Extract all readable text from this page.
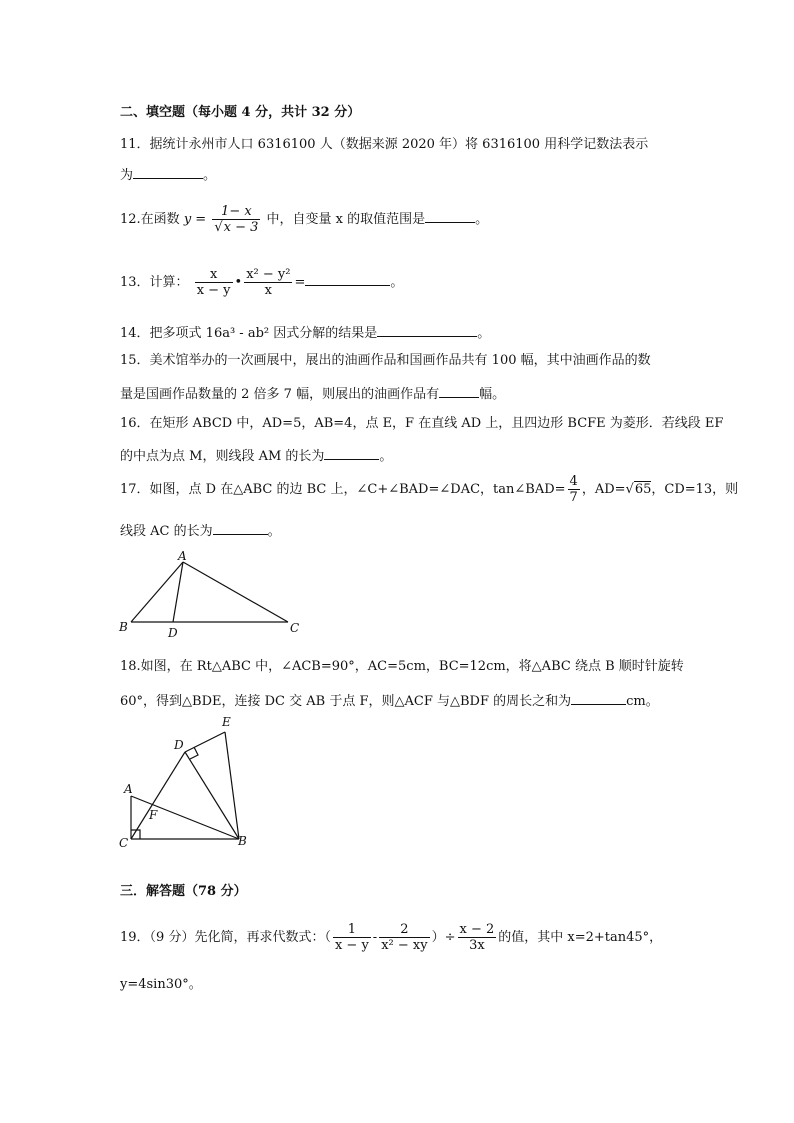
二、填空题（每小题 4 分，共计 32 分）
11．据统计永州市人口 6316100 人（数据来源 2020 年）将 6316100 用科学记数法表示
为	。
12.在函数 $y = \frac{1- x}{√x - 3}$ 中，自变量 x 的取值范围是	。
13．计算： $\frac{x}{x - y}$ • $\frac{\text{x² − y²}}{x}$ =	。
14．把多项式 16a³ - ab² 因式分解的结果是	。
15．美术馆举办的一次画展中，展出的油画作品和国画作品共有 100 幅，其中油画作品的数
量是国画作品数量的 2 倍多 7 幅，则展出的油画作品有	幅。
16．在矩形 ABCD 中，AD=5，AB=4，点 E，F 在直线 AD 上，且四边形 BCFE 为菱形．若线段 EF
的中点为点 M，则线段 AM 的长为	。
17．如图，点 D 在△ABC 的边 BC 上，∠C+∠BAD=∠DAC，tan∠BAD= $\frac{4}{7}$ ，AD=√65，CD=13，则
线段 AC 的长为	。
A
B	C
D
18.如图，在 Rt△ABC 中，∠ACB=90°，AC=5cm，BC=12cm，将△ABC 绕点 B 顺时针旋转
60°，得到△BDE，连接 DC 交 AB 于点 F，则△ACF 与△BDF 的周长之和为	cm。
A
B
C
D
E
F
三．解答题（78 分）
19．（9 分）先化简，再求代数式：（ $\frac{1}{x - y} - \frac{2}{\text{x² − xy}}$ ）÷ $\frac{x - 2}{3x}$ 的值，其中 x=2+tan45°，
y=4sin30°。
